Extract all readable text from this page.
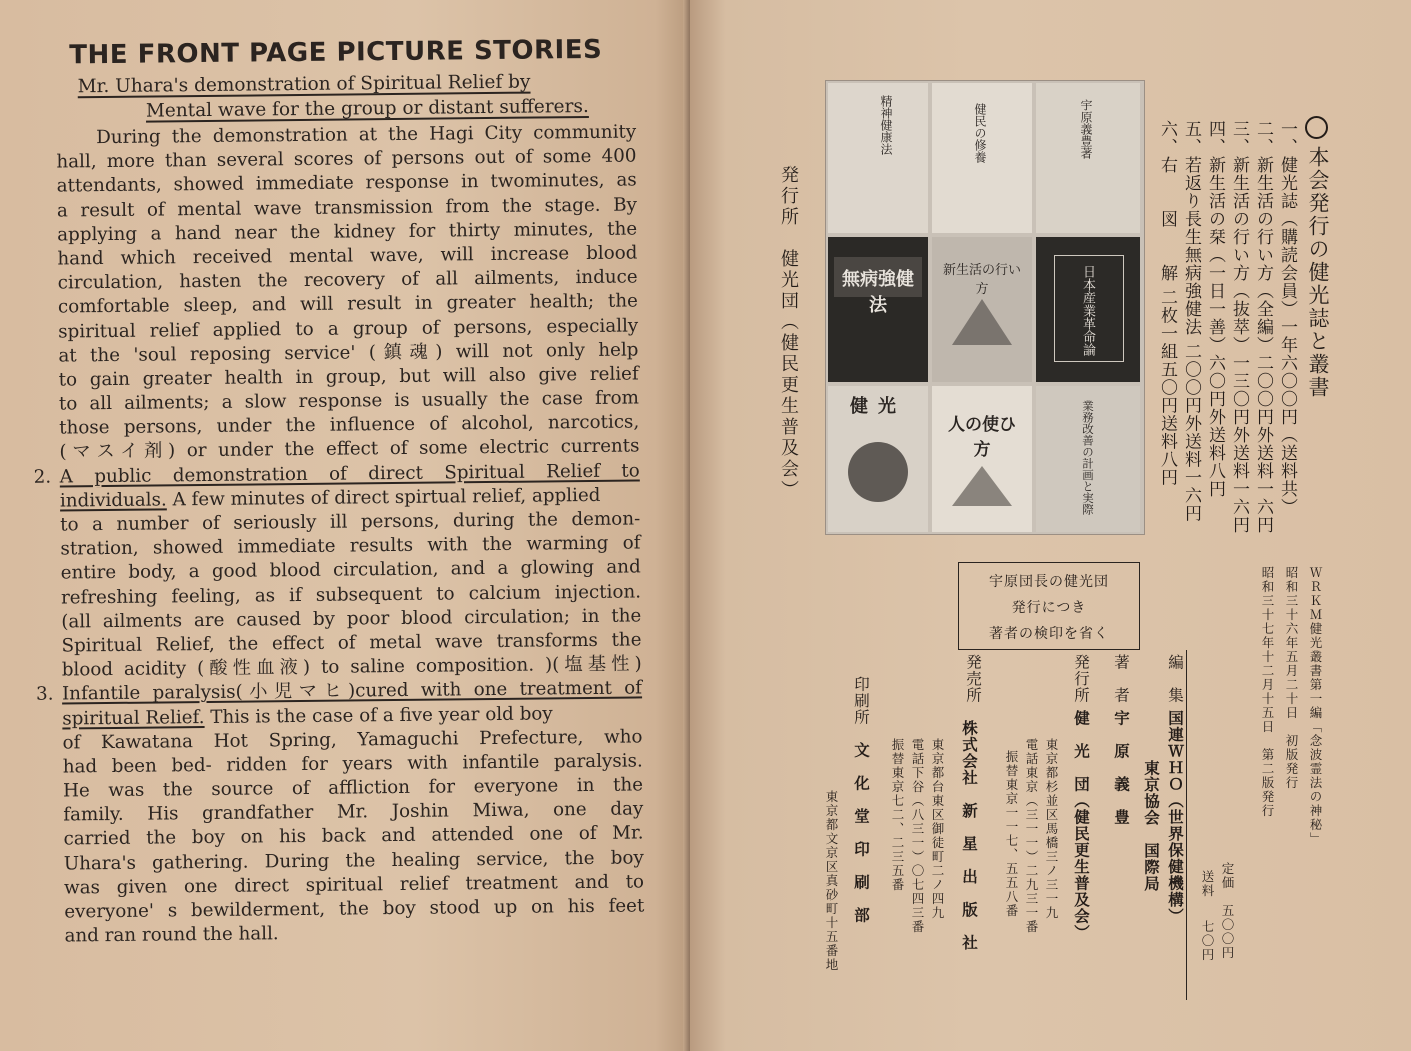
THE FRONT PAGE PICTURE STORIES
Mr. Uhara's demonstration of Spiritual Relief by
Mental wave for the group or distant sufferers.
During the demonstration at the Hagi City community
hall, more than several scores of persons out of some 400
attendants, showed immediate response in twominutes, as
a result of mental wave transmission from the stage. By
applying a hand near the kidney for thirty minutes, the
hand which received mental wave, will increase blood
circulation, hasten the recovery of all ailments, induce
comfortable sleep, and will result in greater health; the
spiritual relief applied to a group of persons, especially
at the 'soul reposing service' (鎮魂) will not only help
to gain greater health in group, but will also give relief
to all ailments; a slow response is usually the case from
those persons, under the influence of alcohol, narcotics,
(マスイ剤) or under the effect of some electric currents
2. A public demonstration of direct Spiritual Relief to
individuals. A few minutes of direct spirtual relief, applied
to a number of seriously ill persons, during the demon-
stration, showed immediate results with the warming of
entire body, a good blood circulation, and a glowing and
refreshing feeling, as if subsequent to calcium injection.
(all ailments are caused by poor blood circulation; in the
Spiritual Relief, the effect of metal wave transforms the
blood acidity (酸性血液) to saline composition. )(塩基性)
3. Infantile paralysis(小児マヒ)cured with one treatment of
spiritual Relief. This is the case of a five year old boy
of Kawatana Hot Spring, Yamaguchi Prefecture, who
had been bed- ridden for years with infantile paralysis.
He was the source of affliction for everyone in the
family. His grandfather Mr. Joshin Miwa, one day
carried the boy on his back and attended one of Mr.
Uhara's gathering. During the healing service, the boy
was given one direct spiritual relief treatment and to
everyone' s bewilderment, the boy stood up on his feet
and ran round the hall.
本会発行の健光誌と叢書
一、健光誌（購読会員）一年六〇〇円（送料共）
二、新生活の行い方（全編）二〇〇円外送料一六円
三、新生活の行い方（抜萃）一三〇円外送料一六円
四、新生活の栞（一日一善）六〇円外送料八円
五、若返り長生無病強健法 二〇〇円外送料一六円
六、右　　図　　解 二枚一組五〇円送料八円
精神健康法	健民の修養	宇原義豊著
無病強健法
新生活の行い方	日本産業革命論
健光
人の使ひ方	業務改善の計画と実際
発行所　健光団（健民更生普及会）
宇原団長の健光団
発行につき
著者の検印を省く	ＷＲＫＭ健光叢書第一編「念波霊法の神秘」
昭和三十六年五月二十日　初版発行
昭和三十七年十二月十五日　第二版発行
定価
五〇〇円
送料
七〇円
編　集
国連ＷＨＯ（世界保健機構）
東京協会　国際局
著　者
宇　原　義　豊
発行所
健　光　団（健民更生普及会）
東京都杉並区馬橋三ノ三一九
電話東京（三一一）二九三一番
振替東京一一七、五五八番
発売所
株式会社　新　星　出　版　社
東京都台東区御徒町二ノ四九
電話下谷（八三一）〇七四三番
振替東京七二、二三五番
印刷所
文　化　堂　印　刷　部
東京都文京区真砂町十五番地
